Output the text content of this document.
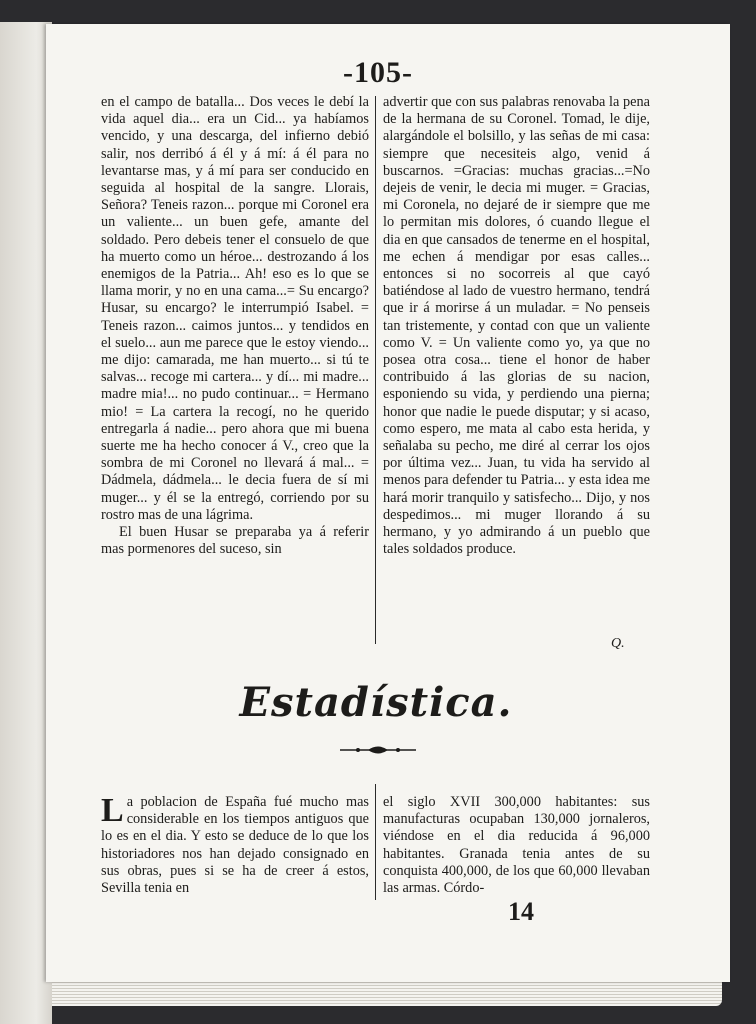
-105-

en el campo de batalla... Dos veces le debí la vida aquel dia... era un Cid... ya habíamos vencido, y una descarga, del infierno debió salir, nos derribó á él y á mí: á él para no levantarse mas, y á mí para ser conducido en seguida al hospital de la sangre. Llorais, Señora? Teneis razon... porque mi Coronel era un valiente... un buen gefe, amante del soldado. Pero debeis tener el consuelo de que ha muerto como un héroe... destrozando á los enemigos de la Patria... Ah! eso es lo que se llama morir, y no en una cama...= Su encargo? Husar, su encargo? le interrumpió Isabel. = Teneis razon... caimos juntos... y tendidos en el suelo... aun me parece que le estoy viendo... me dijo: camarada, me han muerto... si tú te salvas... recoge mi cartera... y dí... mi madre... madre mia!... no pudo continuar... = Hermano mio! = La cartera la recogí, no he querido entregarla á nadie... pero ahora que mi buena suerte me ha hecho conocer á V., creo que la sombra de mi Coronel no llevará á mal... = Dádmela, dádmela... le decia fuera de sí mi muger... y él se la entregó, corriendo por su rostro mas de una lágrima.

El buen Husar se preparaba ya á referir mas pormenores del suceso, sin

advertir que con sus palabras renovaba la pena de la hermana de su Coronel. Tomad, le dije, alargándole el bolsillo, y las señas de mi casa: siempre que necesiteis algo, venid á buscarnos. =Gracias: muchas gracias...=No dejeis de venir, le decia mi muger. = Gracias, mi Coronela, no dejaré de ir siempre que me lo permitan mis dolores, ó cuando llegue el dia en que cansados de tenerme en el hospital, me echen á mendigar por esas calles... entonces si no socorreis al que cayó batiéndose al lado de vuestro hermano, tendrá que ir á morirse á un muladar. = No penseis tan tristemente, y contad con que un valiente como V. = Un valiente como yo, ya que no posea otra cosa... tiene el honor de haber contribuido á las glorias de su nacion, esponiendo su vida, y perdiendo una pierna; honor que nadie le puede disputar; y si acaso, como espero, me mata al cabo esta herida, y señalaba su pecho, me diré al cerrar los ojos por última vez... Juan, tu vida ha servido al menos para defender tu Patria... y esta idea me hará morir tranquilo y satisfecho... Dijo, y nos despedimos... mi muger llorando á su hermano, y yo admirando á un pueblo que tales soldados produce.

Q.
Estadística.

La poblacion de España fué mucho mas considerable en los tiempos antiguos que lo es en el dia. Y esto se deduce de lo que los historiadores nos han dejado consignado en sus obras, pues si se ha de creer á estos, Sevilla tenia en

el siglo XVII 300,000 habitantes: sus manufacturas ocupaban 130,000 jornaleros, viéndose en el dia reducida á 96,000 habitantes. Granada tenia antes de su conquista 400,000, de los que 60,000 llevaban las armas. Córdo-

14
